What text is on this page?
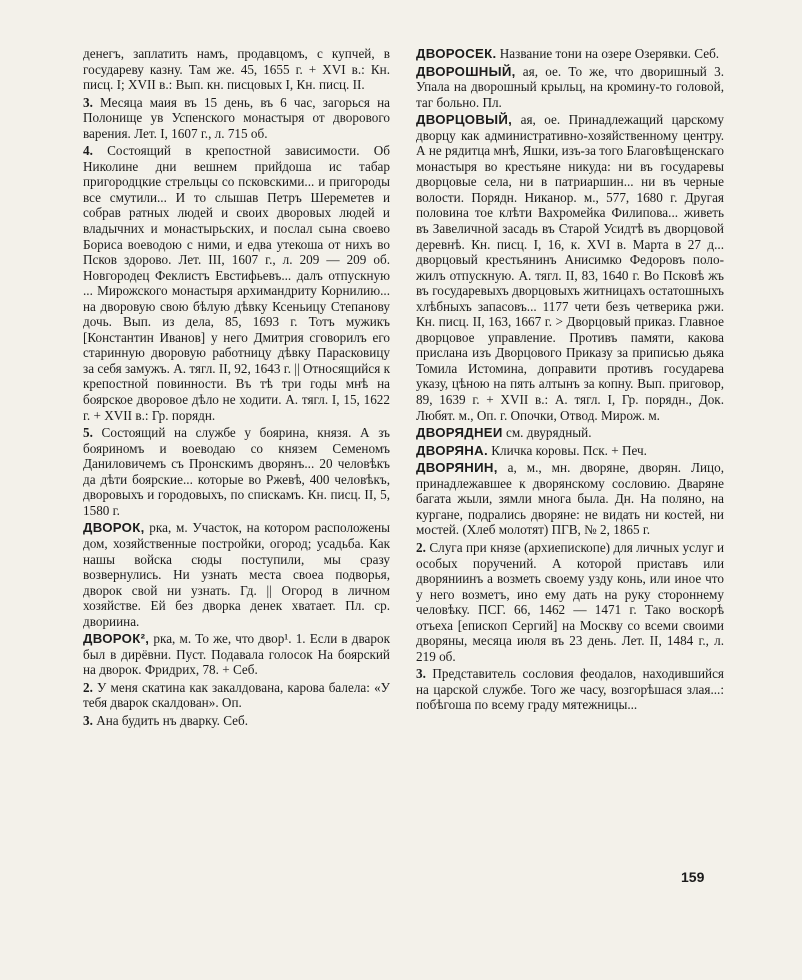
денегъ, заплатить намъ, продавцомъ, с купчей, в государеву казну. Там же. 45, 1655 г. + XVI в.: Кн. писц. I; XVII в.: Вып. кн. писцовых I, Кн. писц. II.

3. Месяца маия въ 15 день, въ 6 час, загорься на Полонище ув Успенского монастыря от дворового варения. Лет. I, 1607 г., л. 715 об.

4. Состоящий в крепостной зависимости. Об Николине дни вешнем прийдоша ис табар пригородцкие стрельцы со псковскими... и пригороды все смутили... И то слышав Петръ Шереметев и собрав ратных людей и своих дворовых людей и владычних и монастырьских, и послал сына своево Бориса воеводою с ними, и едва утекоша от нихъ во Псков здорово. Лет. III, 1607 г., л. 209 — 209 об. Новгородец Феклистъ Евстифьевъ... далъ отпускную ... Мирожского монастыря архимандриту Корнилию... на дворовую свою бѣлую дѣвку Ксеньицу Степанову дочь. Вып. из дела, 85, 1693 г. Тотъ мужикъ [Константин Иванов] у него Дмитрия сговорилъ его старинную дворовую работницу дѣвку Парасковицу за себя замужъ. А. тягл. II, 92, 1643 г. || Относящийся к крепостной повинности. Въ тѣ три годы мнѣ на боярское дворовое дѣло не ходити. А. тягл. I, 15, 1622 г. + XVII в.: Гр. порядн.

5. Состоящий на службе у боярина, князя. А зъ бояриномъ и воеводаю со князем Семеномъ Даниловичемъ съ Пронскимъ дворянъ... 20 человѣкъ да дѣти боярские... которые во Ржевѣ, 400 человѣкъ, дворовыхъ и городовыхъ, по спискамъ. Кн. писц. II, 5, 1580 г.

ДВОРОК, рка, м. Участок, на котором расположены дом, хозяйственные постройки, огород; усадьба. Как нашы войска сюды поступили, мы сразу возвернулись. Ни узнать места своеа подворья, дворок свой ни узнать. Гд. || Огород в личном хозяйстве. Ей без дворка денек хватает. Пл. ср. двориина.

ДВОРОК², рка, м. То же, что двор¹. 1. Если в дварок был в дирёвни. Пуст. Подавала голосок На боярский на дворок. Фридрих, 78. + Себ.

2. У меня скатина как закалдована, карова балела: «У тебя дварок скалдован». Оп.

3. Ана будить нъ дварку. Себ.

ДВОРОСЕК. Название тони на озере Озерявки. Себ.

ДВОРОШНЫЙ, ая, ое. То же, что дворишный 3. Упала на дворошный крыльц, на кромину-то головой, таг больно. Пл.

ДВОРЦОВЫЙ, ая, ое. Принадлежащий царскому дворцу как административно-хозяйственному центру. А не рядитца мнѣ, Яшки, изъ-за того Благовѣщенскаго монастыря во крестьяне никуда: ни въ государевы дворцовые села, ни в патриаршин... ни въ черные волости. Порядн. Никанор. м., 577, 1680 г. Другая половина тое клѣти Вахромейка Филипова... живеть въ Завеличной засадь въ Старой Усидтѣ въ дворцовой деревнѣ. Кн. писц. I, 16, к. XVI в. Марта в 27 д... дворцовый крестьянинъ Анисимко Федоровъ положилъ отпускную. А. тягл. II, 83, 1640 г. Во Псковѣ жъ въ государевыхъ дворцовыхъ житницахъ остатошныхъ хлѣбныхъ запасовъ... 1177 чети безъ четверика ржи. Кн. писц. II, 163, 1667 г. > Дворцовый приказ. Главное дворцовое управление. Противъ памяти, какова прислана изъ Дворцового Приказу за приписью дьяка Томила Истомина, доправити противъ государева указу, цѣною на пять алтынъ за копну. Вып. приговор, 89, 1639 г. + XVII в.: А. тягл. I, Гр. порядн., Док. Любят. м., Оп. г. Опочки, Отвод. Мирож. м.

ДВОРЯДНЕИ см. двурядный.

ДВОРЯНА. Кличка коровы. Пск. + Печ.

ДВОРЯНИН, а, м., мн. дворяне, дворян. Лицо, принадлежавшее к дворянскому сословию. Дваряне багата жыли, зямли многа была. Дн. На поляно, на кургане, подрались дворяне: не видать ни костей, ни мостей. (Хлеб молотят) ПГВ, № 2, 1865 г.

2. Слуга при князе (архиепископе) для личных услуг и особых поручений. А которой приставъ или дворяниинъ а возметь своему узду конь, или иное что у него возметъ, ино ему дать на руку стороннему человѣку. ПСГ. 66, 1462 — 1471 г. Тако воскорѣ отъеха [епископ Сергий] на Москву со всеми своими дворяны, месяца июля въ 23 день. Лет. II, 1484 г., л. 219 об.

3. Представитель сословия феодалов, находившийся на царской службе. Того же часу, возгорѣшася злая...: побѣгоша по всему граду мятежницы...

159
